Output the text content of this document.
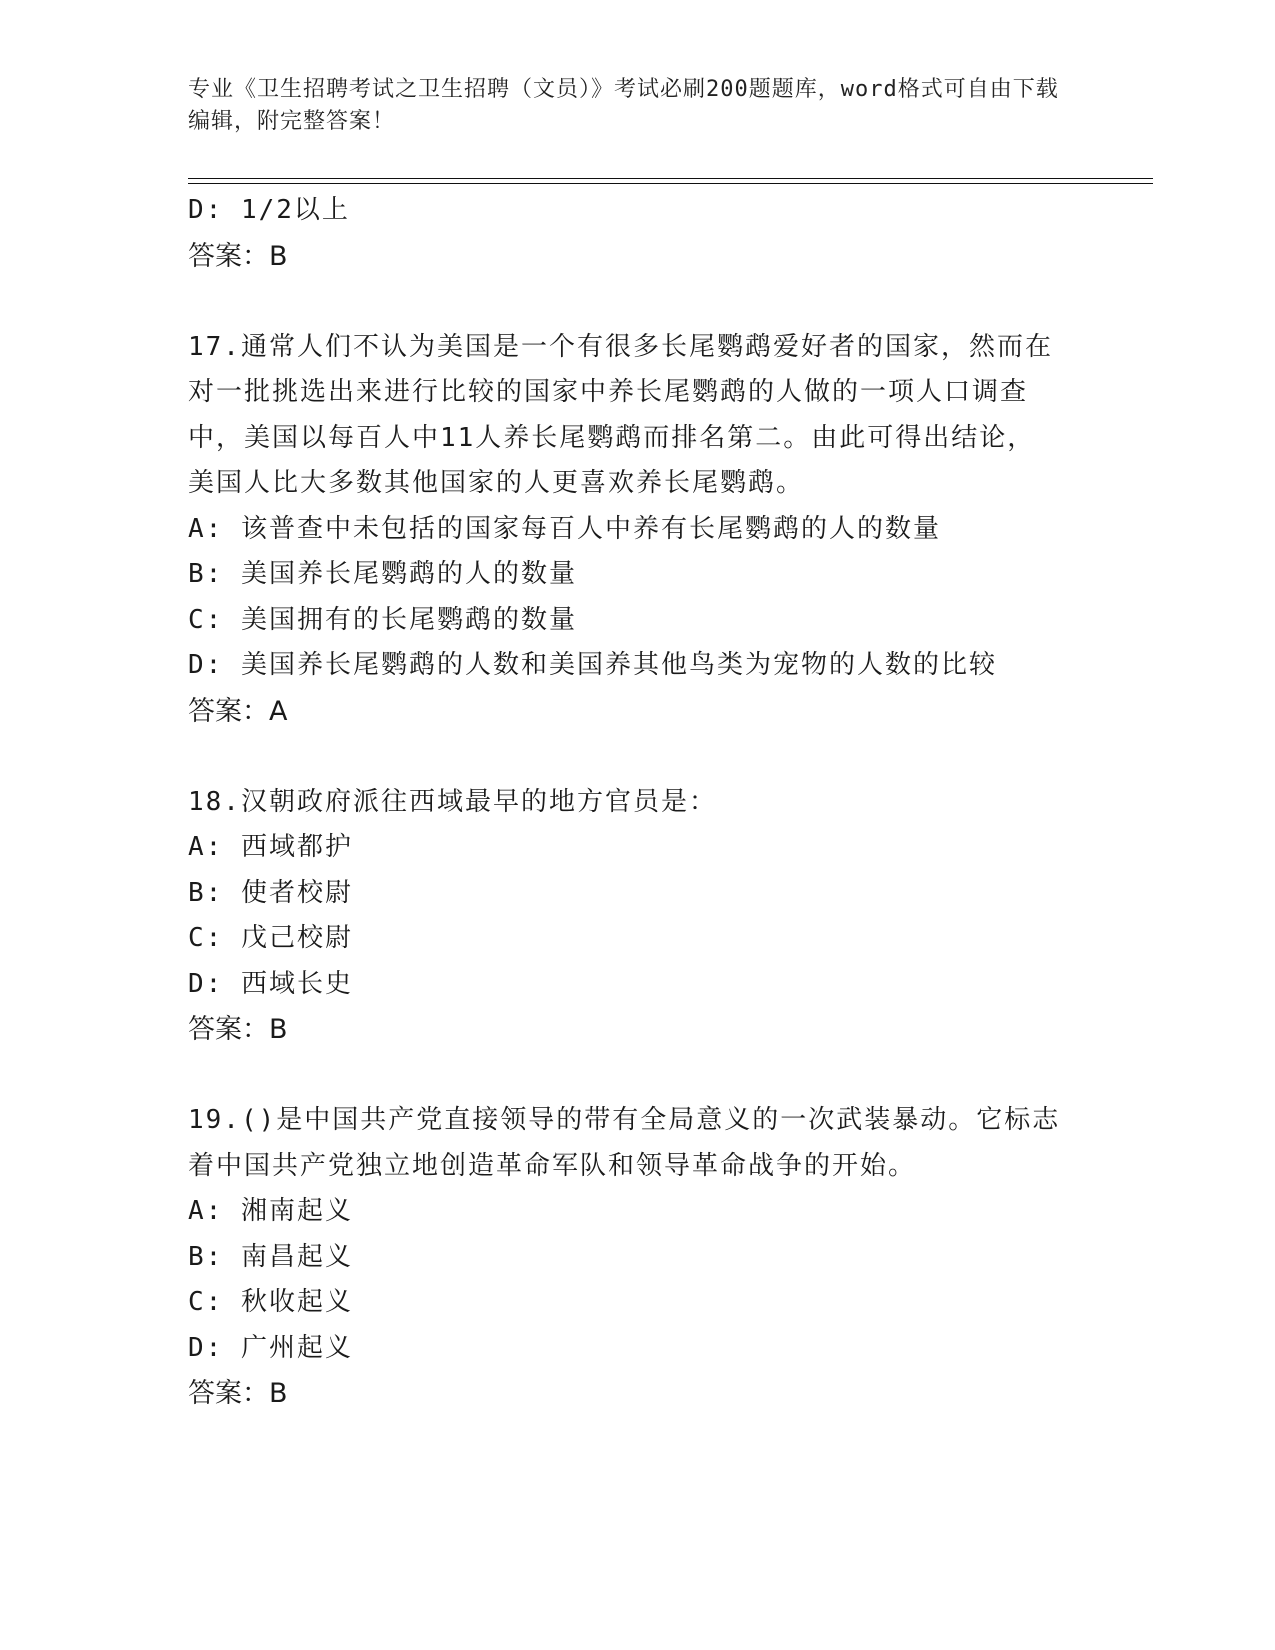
专业《卫生招聘考试之卫生招聘（文员）》考试必刷200题题库，word格式可自由下载编辑，附完整答案！
D: 1/2以上
答案：B
17.通常人们不认为美国是一个有很多长尾鹦鹉爱好者的国家，然而在
对一批挑选出来进行比较的国家中养长尾鹦鹉的人做的一项人口调查
中，美国以每百人中11人养长尾鹦鹉而排名第二。由此可得出结论，
美国人比大多数其他国家的人更喜欢养长尾鹦鹉。
A: 该普查中未包括的国家每百人中养有长尾鹦鹉的人的数量
B: 美国养长尾鹦鹉的人的数量
C: 美国拥有的长尾鹦鹉的数量
D: 美国养长尾鹦鹉的人数和美国养其他鸟类为宠物的人数的比较
答案：A
18.汉朝政府派往西域最早的地方官员是：
A: 西域都护
B: 使者校尉
C: 戊己校尉
D: 西域长史
答案：B
19.()是中国共产党直接领导的带有全局意义的一次武装暴动。它标志
着中国共产党独立地创造革命军队和领导革命战争的开始。
A: 湘南起义
B: 南昌起义
C: 秋收起义
D: 广州起义
答案：B
